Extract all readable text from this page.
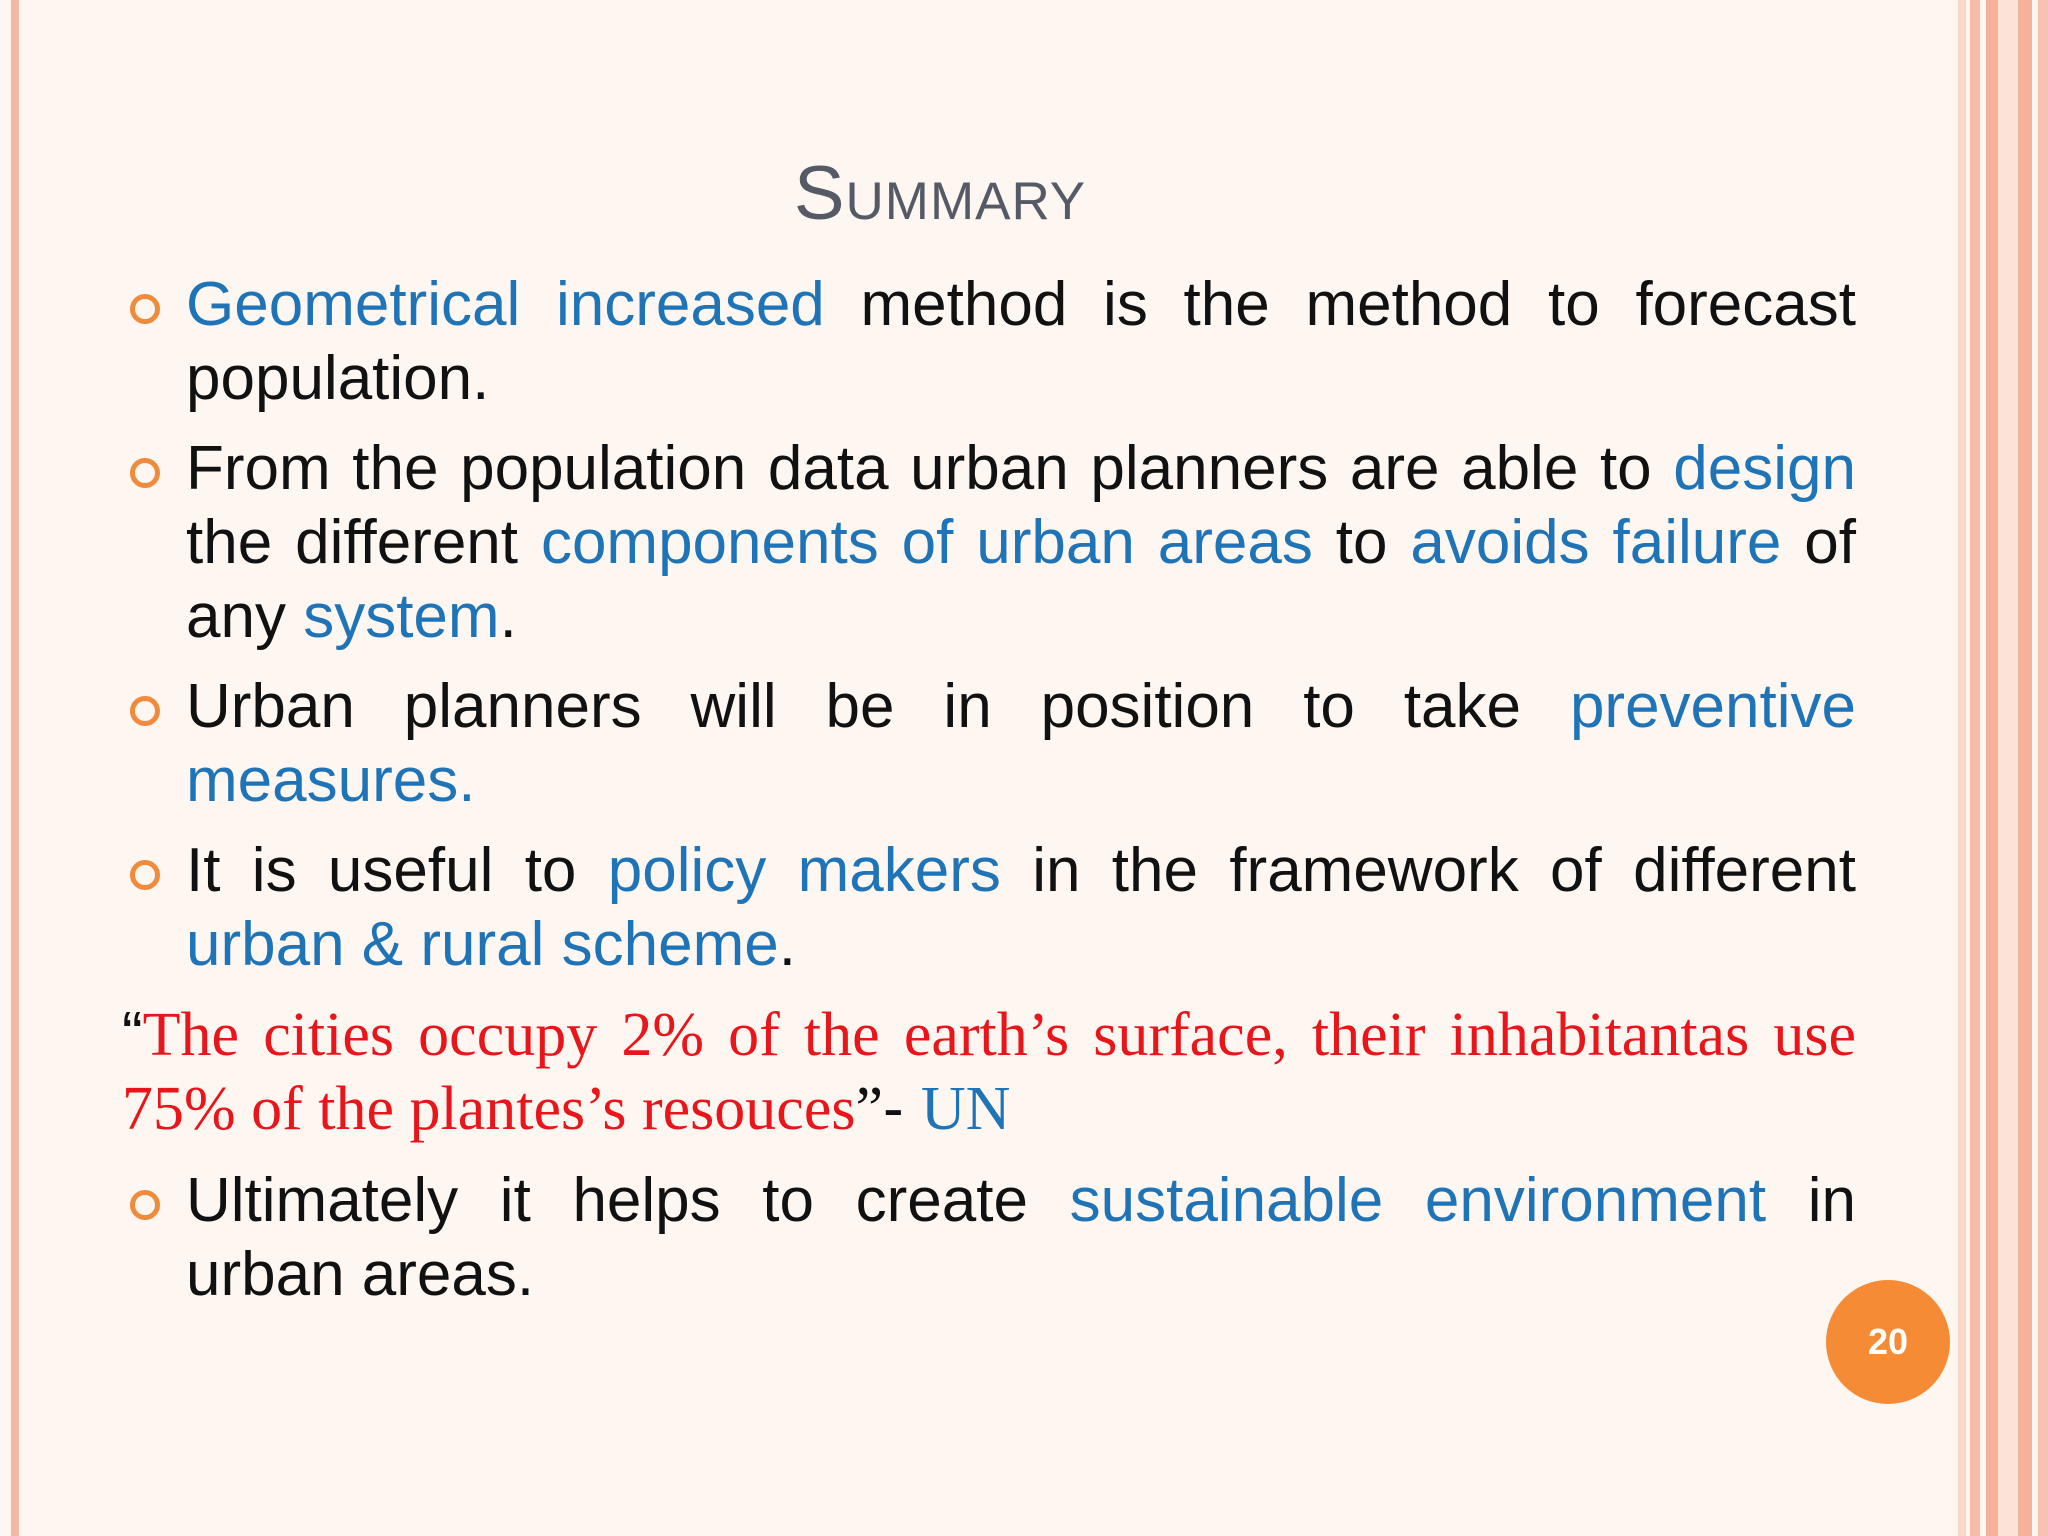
Summary
Geometrical increased method is the method to forecast population.
From the population data urban planners are able to design the different components of urban areas to avoids failure of any system.
Urban planners will be in position to take preventive measures.
It is useful to policy makers in the framework of different urban & rural scheme.
“The cities occupy 2% of the earth’s surface, their inhabitantas use 75% of the plantes’s resouces”- UN
Ultimately it helps to create sustainable environment in urban areas.
20
